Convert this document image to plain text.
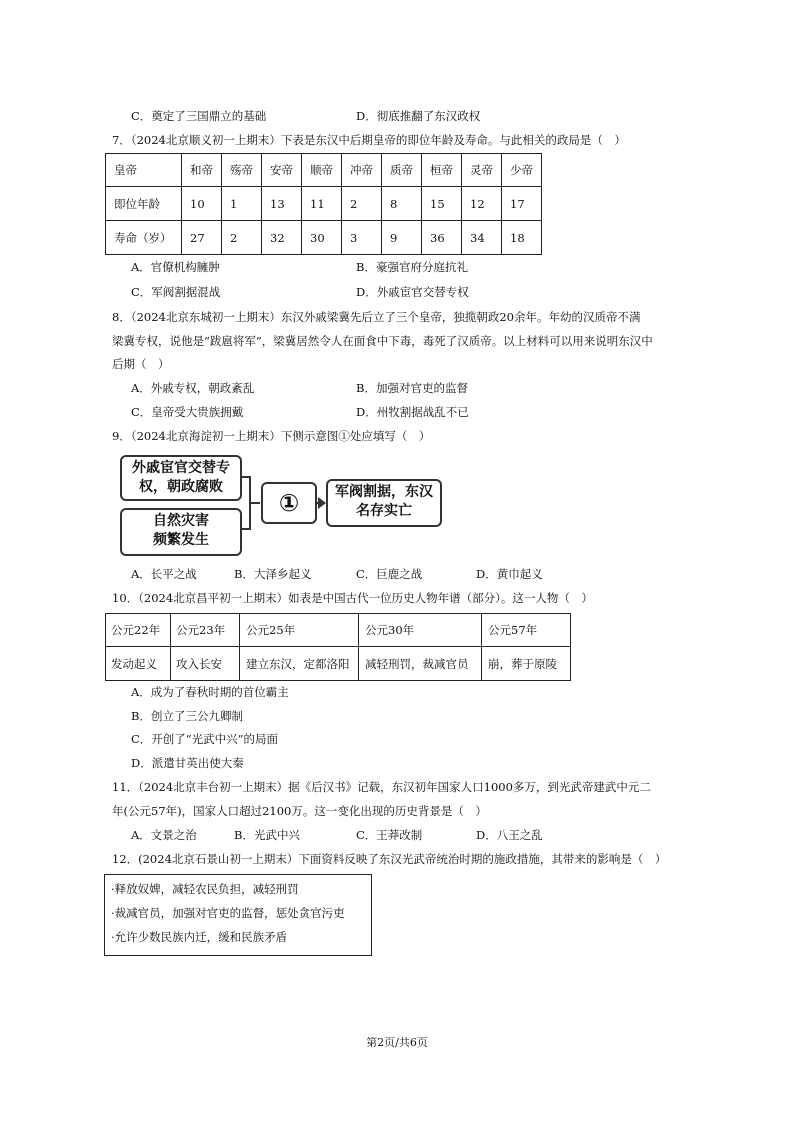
C．奠定了三国鼎立的基础	D．彻底推翻了东汉政权
7．（2024北京顺义初一上期末）下表是东汉中后期皇帝的即位年龄及寿命。与此相关的政局是（　）
皇帝	和帝	殇帝	安帝	顺帝	冲帝	质帝	桓帝	灵帝	少帝
即位年龄	10	1	13	11	2	8	15	12	17
寿命（岁）	27	2	32	30	3	9	36	34	18
A．官僚机构臃肿	B．豪强官府分庭抗礼
C．军阀割据混战	D．外戚宦官交替专权
8．（2024北京东城初一上期末）东汉外戚梁冀先后立了三个皇帝，独揽朝政20余年。年幼的汉质帝不满
梁冀专权，说他是“跋扈将军”，梁冀居然令人在面食中下毒，毒死了汉质帝。以上材料可以用来说明东汉中
后期（　）
A．外戚专权，朝政紊乱	B．加强对官吏的监督
C．皇帝受大贵族拥戴	D．州牧割据战乱不已
9．（2024北京海淀初一上期末）下侧示意图①处应填写（　）
外戚宦官交替专
权，朝政腐败
自然灾害
频繁发生
①	军阀割据，东汉
名存实亡
A．长平之战	B．大泽乡起义	C．巨鹿之战	D．黄巾起义
10．（2024北京昌平初一上期末）如表是中国古代一位历史人物年谱（部分）。这一人物（　）
公元22年	公元23年	公元25年	公元30年	公元57年
发动起义	攻入长安	建立东汉，定都洛阳	减轻刑罚，裁减官员	崩，葬于原陵
A．成为了春秋时期的首位霸主
B．创立了三公九卿制
C．开创了“光武中兴”的局面
D．派遣甘英出使大秦
11．（2024北京丰台初一上期末）据《后汉书》记载，东汉初年国家人口1000多万，到光武帝建武中元二
年(公元57年)，国家人口超过2100万。这一变化出现的历史背景是（　）
A．文景之治	B．光武中兴	C．王莽改制	D．八王之乱
12．(2024北京石景山初一上期末）下面资料反映了东汉光武帝统治时期的施政措施，其带来的影响是（　）
·释放奴婢，减轻农民负担，减轻刑罚
·裁减官员，加强对官吏的监督，惩处贪官污吏
·允许少数民族内迁，缓和民族矛盾
第2页/共6页
